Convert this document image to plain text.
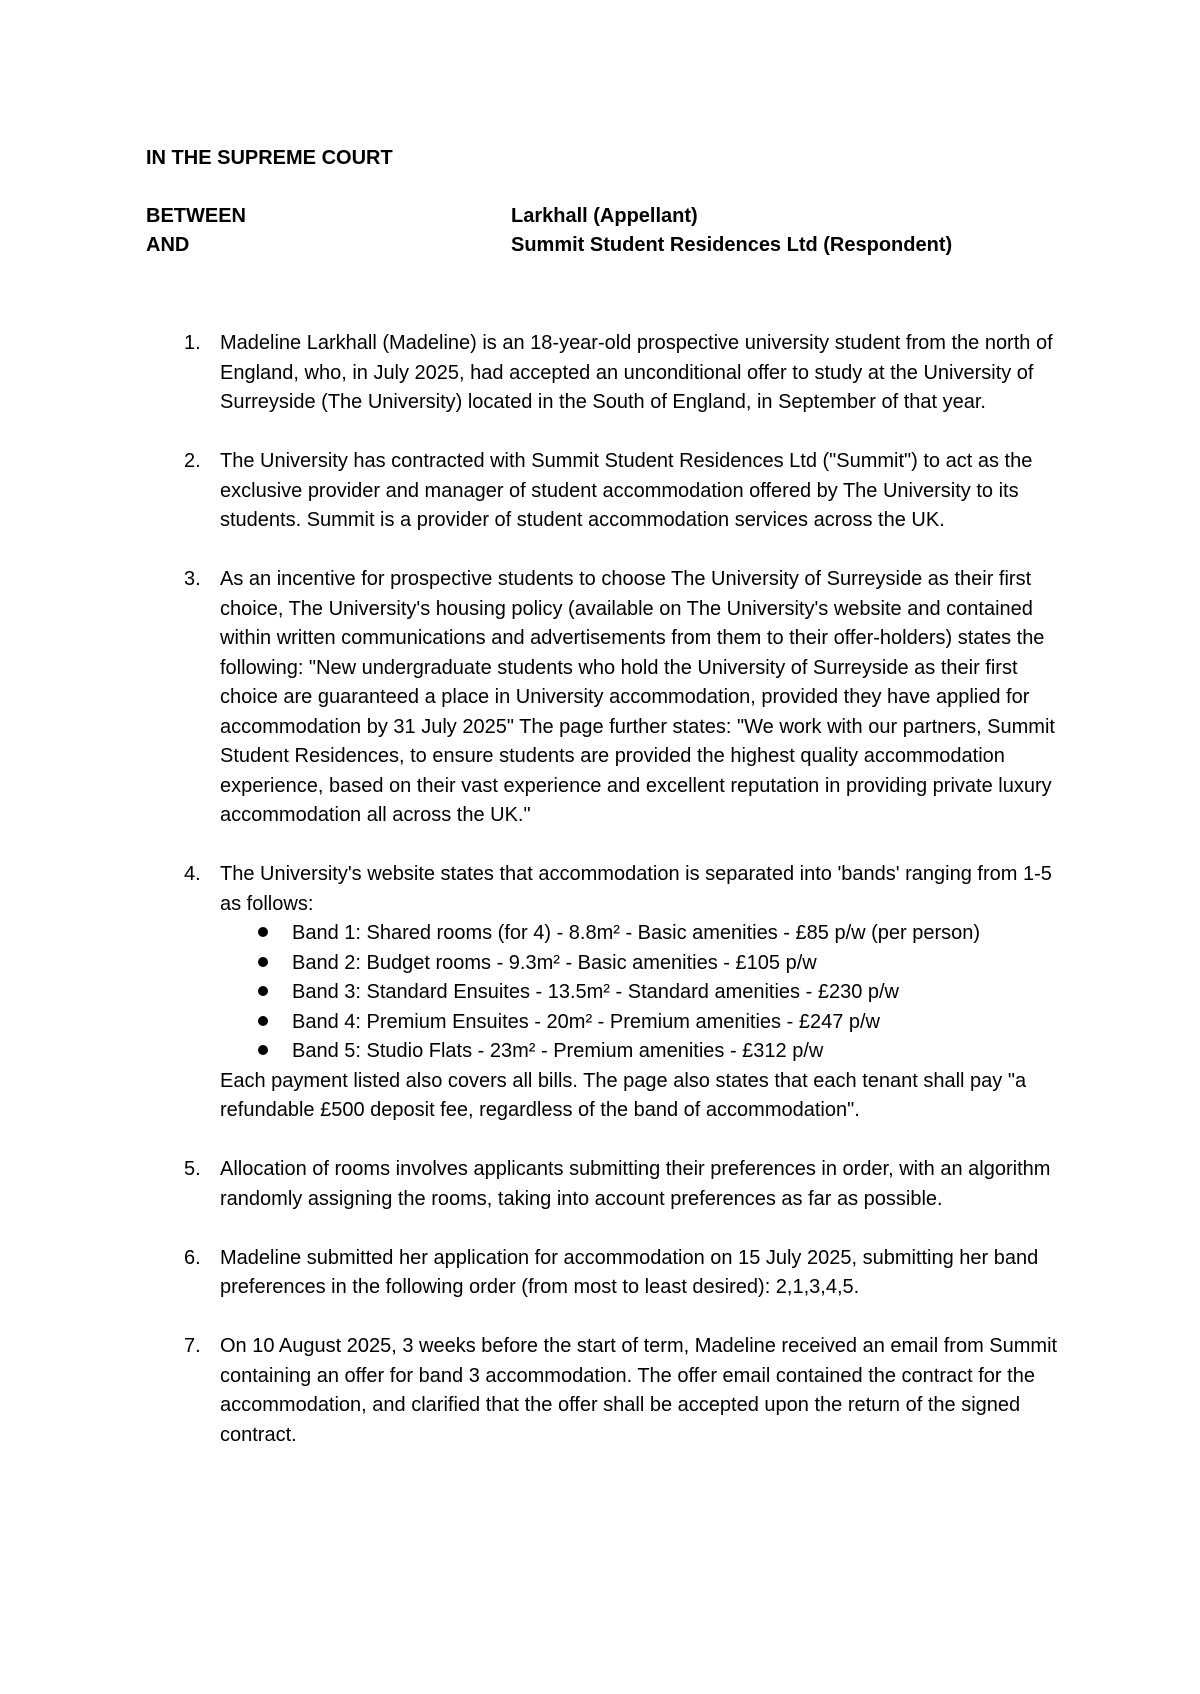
IN THE SUPREME COURT

BETWEEN	Larkhall (Appellant)
AND	Summit Student Residences Ltd (Respondent)
1. Madeline Larkhall (Madeline) is an 18-year-old prospective university student from the north of England, who, in July 2025, had accepted an unconditional offer to study at the University of Surreyside (The University) located in the South of England, in September of that year.

2. The University has contracted with Summit Student Residences Ltd ("Summit") to act as the exclusive provider and manager of student accommodation offered by The University to its students. Summit is a provider of student accommodation services across the UK.

3. As an incentive for prospective students to choose The University of Surreyside as their first choice, The University's housing policy (available on The University's website and contained within written communications and advertisements from them to their offer-holders) states the following: "New undergraduate students who hold the University of Surreyside as their first choice are guaranteed a place in University accommodation, provided they have applied for accommodation by 31 July 2025" The page further states: "We work with our partners, Summit Student Residences, to ensure students are provided the highest quality accommodation experience, based on their vast experience and excellent reputation in providing private luxury accommodation all across the UK."

4. The University's website states that accommodation is separated into 'bands' ranging from 1-5 as follows:

Band 1: Shared rooms (for 4) - 8.8m² - Basic amenities - £85 p/w (per person)
Band 2: Budget rooms - 9.3m² - Basic amenities - £105 p/w
Band 3: Standard Ensuites - 13.5m² - Standard amenities - £230 p/w
Band 4: Premium Ensuites - 20m² - Premium amenities - £247 p/w
Band 5: Studio Flats - 23m² - Premium amenities - £312 p/w

Each payment listed also covers all bills. The page also states that each tenant shall pay "a refundable £500 deposit fee, regardless of the band of accommodation".

5. Allocation of rooms involves applicants submitting their preferences in order, with an algorithm randomly assigning the rooms, taking into account preferences as far as possible.

6. Madeline submitted her application for accommodation on 15 July 2025, submitting her band preferences in the following order (from most to least desired): 2,1,3,4,5.

7. On 10 August 2025, 3 weeks before the start of term, Madeline received an email from Summit containing an offer for band 3 accommodation. The offer email contained the contract for the accommodation, and clarified that the offer shall be accepted upon the return of the signed contract.
